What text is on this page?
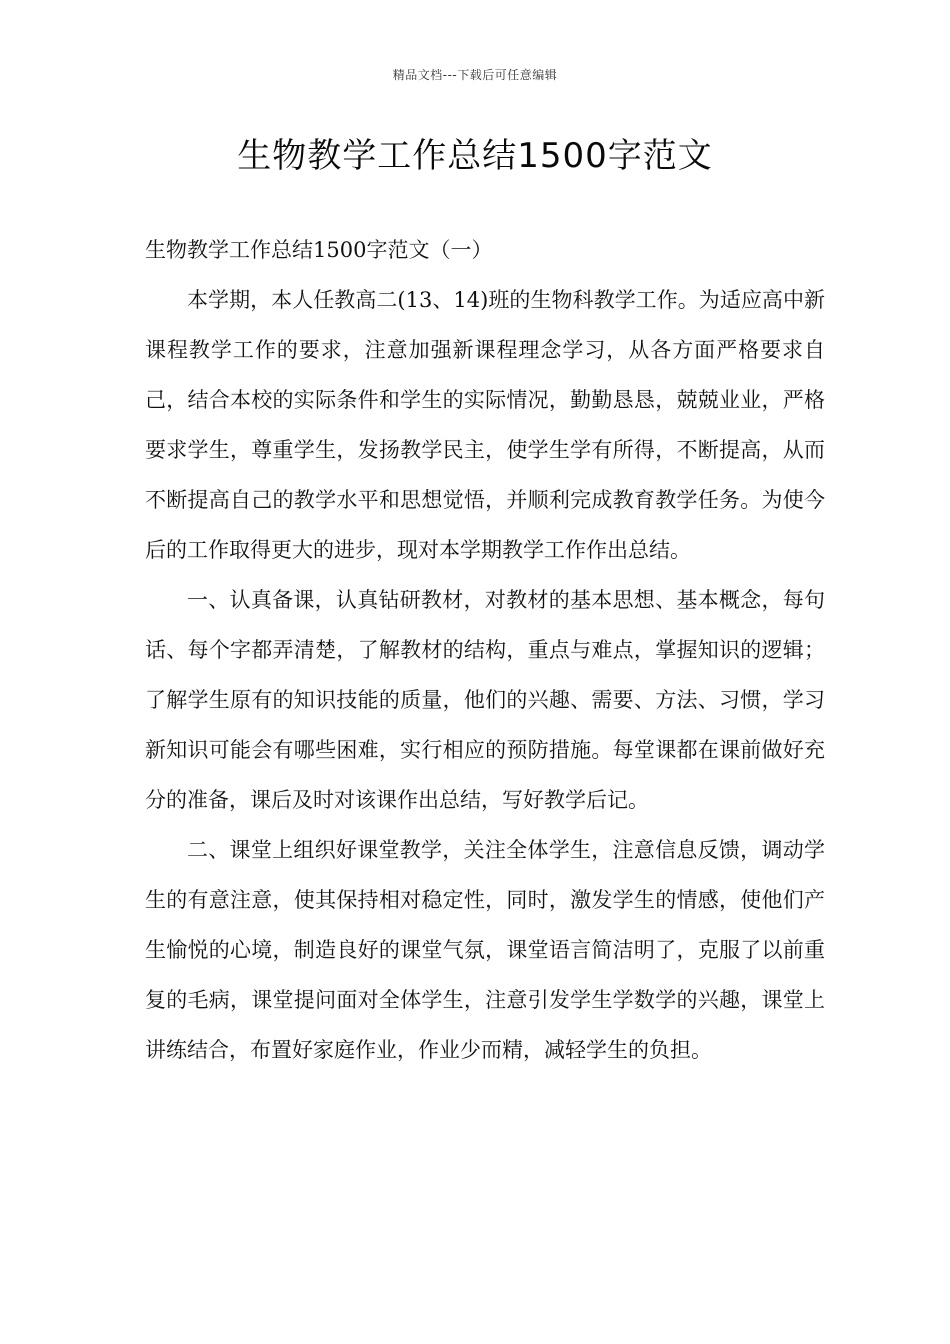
精品文档---下载后可任意编辑
生物教学工作总结1500字范文

生物教学工作总结1500字范文（一）

本学期，本人任教高二(13、14)班的生物科教学工作。为适应高中新课程教学工作的要求，注意加强新课程理念学习，从各方面严格要求自己，结合本校的实际条件和学生的实际情况，勤勤恳恳，兢兢业业，严格要求学生，尊重学生，发扬教学民主，使学生学有所得，不断提高，从而不断提高自己的教学水平和思想觉悟，并顺利完成教育教学任务。为使今后的工作取得更大的进步，现对本学期教学工作作出总结。

一、认真备课，认真钻研教材，对教材的基本思想、基本概念，每句话、每个字都弄清楚，了解教材的结构，重点与难点，掌握知识的逻辑；了解学生原有的知识技能的质量，他们的兴趣、需要、方法、习惯，学习新知识可能会有哪些困难，实行相应的预防措施。每堂课都在课前做好充分的准备，课后及时对该课作出总结，写好教学后记。

二、课堂上组织好课堂教学，关注全体学生，注意信息反馈，调动学生的有意注意，使其保持相对稳定性，同时，激发学生的情感，使他们产生愉悦的心境，制造良好的课堂气氛，课堂语言简洁明了，克服了以前重复的毛病，课堂提问面对全体学生，注意引发学生学数学的兴趣，课堂上讲练结合，布置好家庭作业，作业少而精，减轻学生的负担。
